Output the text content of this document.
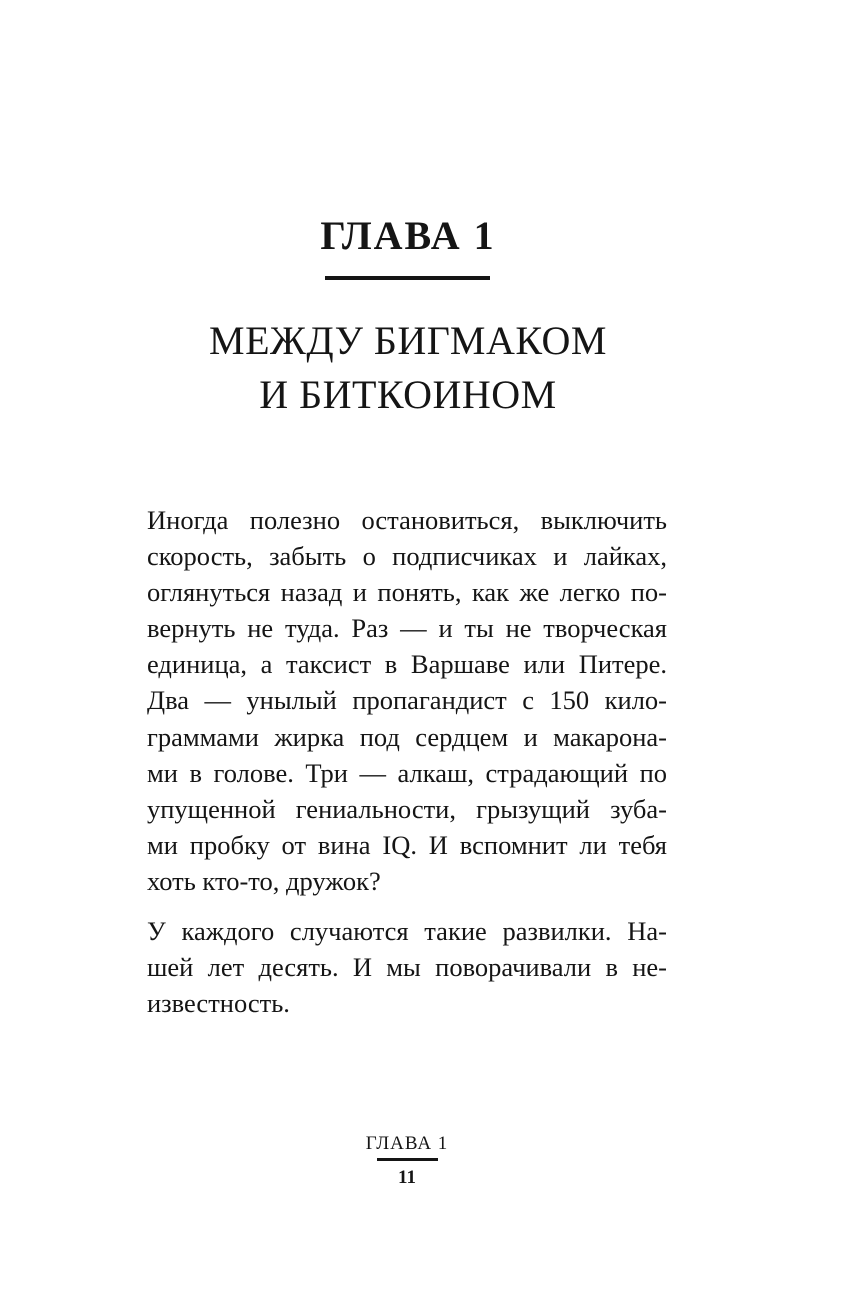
ГЛАВА 1
МЕЖДУ БИГМАКОМ
И БИТКОИНОМ

Иногда полезно остановиться, выключить
скорость, забыть о подписчиках и лайках,
оглянуться назад и понять, как же легко по-
вернуть не туда. Раз — и ты не творческая
единица, а таксист в Варшаве или Питере.
Два — унылый пропагандист с 150 кило-
граммами жирка под сердцем и макарона-
ми в голове. Три — алкаш, страдающий по
упущенной гениальности, грызущий зуба-
ми пробку от вина IQ. И вспомнит ли тебя
хоть кто-то, дружок?

У каждого случаются такие развилки. На-
шей лет десять. И мы поворачивали в не-
известность.

ГЛАВА 1
11
